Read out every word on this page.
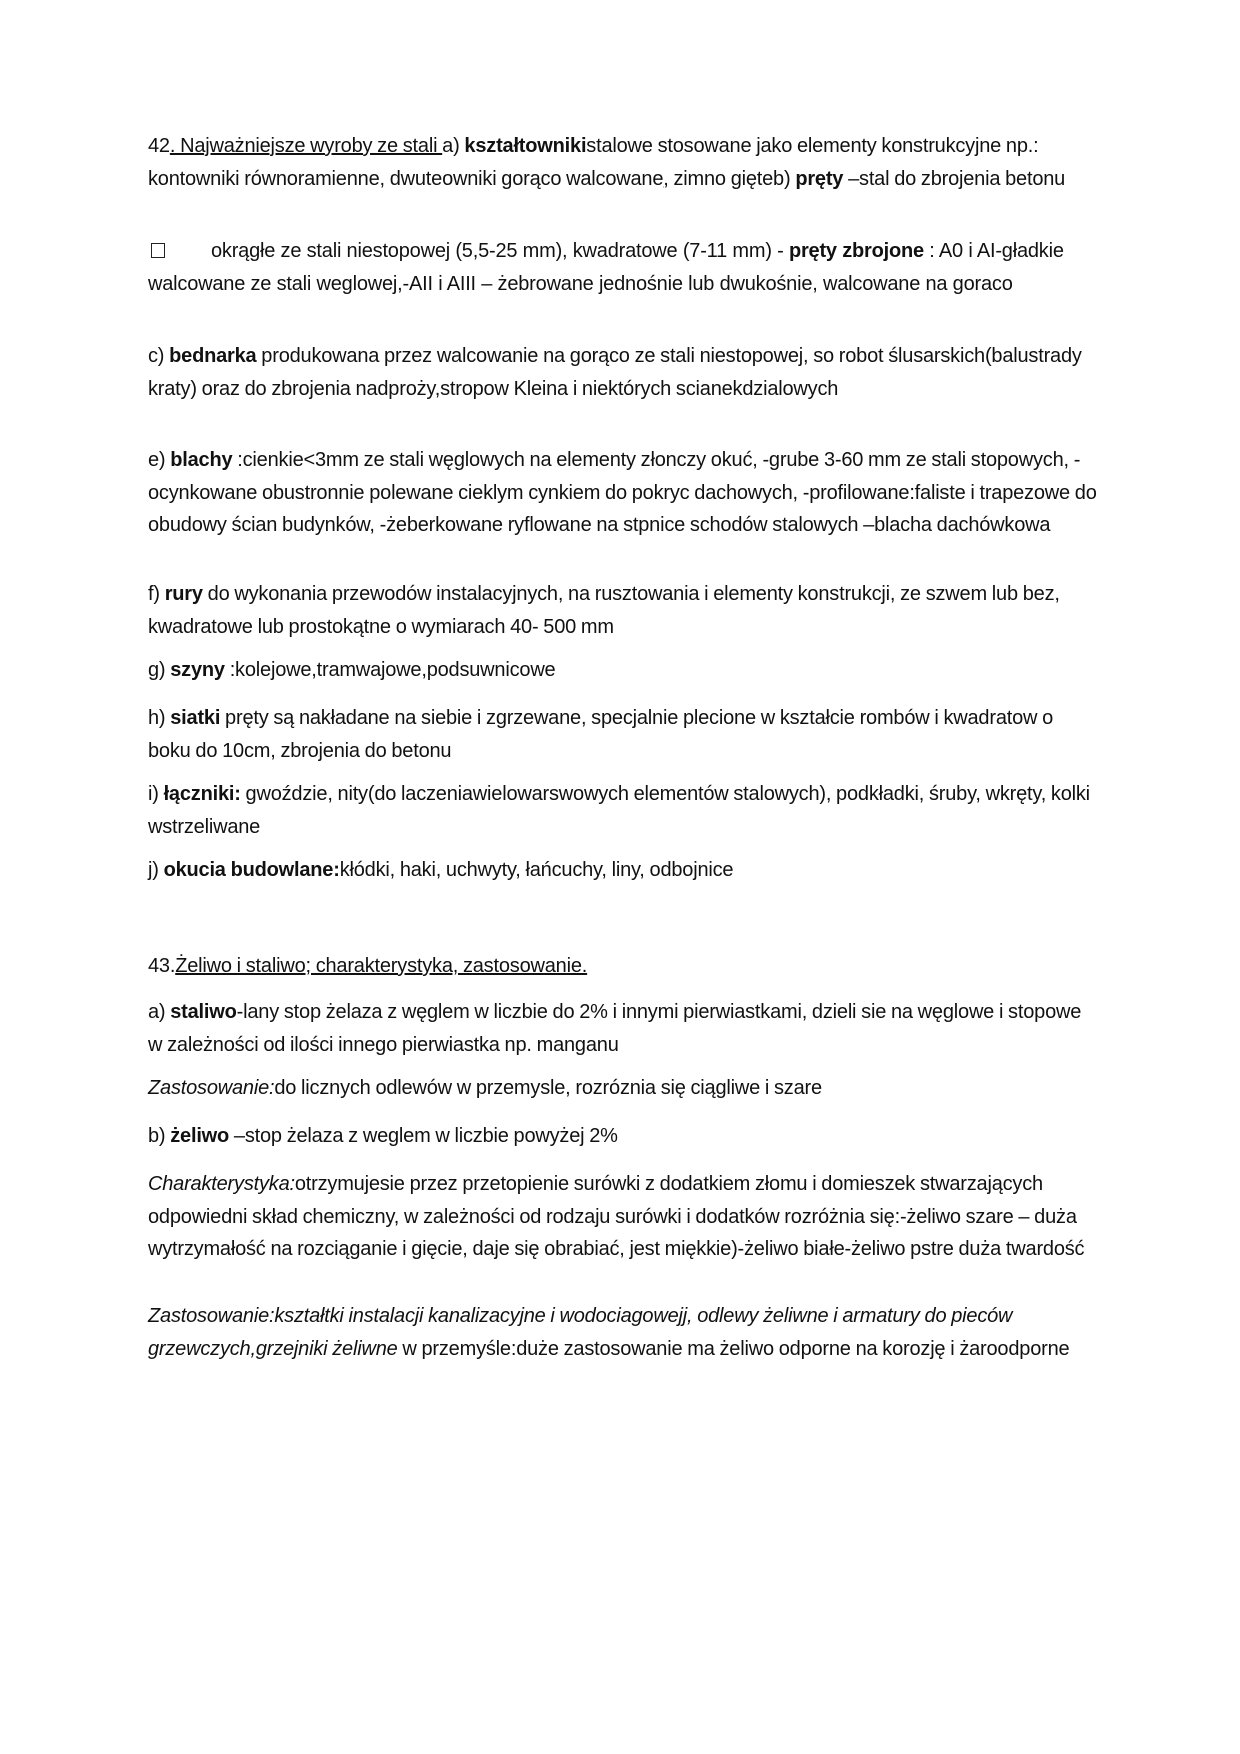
42. Najważniejsze wyroby ze stali a) kształtownikistalowe stosowane jako elementy konstrukcyjne np.: kontowniki równoramienne, dwuteowniki gorąco walcowane, zimno gięteb) pręty –stal do zbrojenia betonu

okrągłe ze stali niestopowej (5,5-25 mm), kwadratowe (7-11 mm) - pręty zbrojone : A0 i AI-gładkie walcowane ze stali weglowej,-AII i AIII – żebrowane jednośnie lub dwukośnie, walcowane na goraco

c) bednarka produkowana przez walcowanie na gorąco ze stali niestopowej, so robot ślusarskich(balustrady kraty) oraz do zbrojenia nadproży,stropow Kleina i niektórych scianekdzialowych

e) blachy :cienkie<3mm ze stali węglowych na elementy złonczy okuć, -grube 3-60 mm ze stali stopowych, - ocynkowane obustronnie polewane cieklym cynkiem do pokryc dachowych, -profilowane:faliste i trapezowe do obudowy ścian budynków, -żeberkowane ryflowane na stpnice schodów stalowych –blacha dachówkowa

f) rury do wykonania przewodów instalacyjnych, na rusztowania i elementy konstrukcji, ze szwem lub bez, kwadratowe lub prostokątne o wymiarach 40- 500 mm

g) szyny :kolejowe,tramwajowe,podsuwnicowe

h) siatki pręty są nakładane na siebie i zgrzewane, specjalnie plecione w kształcie rombów i kwadratow o boku do 10cm, zbrojenia do betonu

i) łączniki: gwoździe, nity(do laczeniawielowarswowych elementów stalowych), podkładki, śruby, wkręty, kolki wstrzeliwane

j) okucia budowlane:kłódki, haki, uchwyty, łańcuchy, liny, odbojnice

43.Żeliwo i staliwo; charakterystyka, zastosowanie.

a) staliwo-lany stop żelaza z węglem w liczbie do 2% i innymi pierwiastkami, dzieli sie na węglowe i stopowe w zależności od ilości innego pierwiastka np. manganu

Zastosowanie:do licznych odlewów w przemysle, rozróznia się ciągliwe i szare

b) żeliwo –stop żelaza z weglem w liczbie powyżej 2%

Charakterystyka:otrzymujesie przez przetopienie surówki z dodatkiem złomu i domieszek stwarzających odpowiedni skład chemiczny, w zależności od rodzaju surówki i dodatków rozróżnia się:-żeliwo szare – duża wytrzymałość na rozciąganie i gięcie, daje się obrabiać, jest miękkie)-żeliwo białe-żeliwo pstre duża twardość

Zastosowanie:kształtki instalacji kanalizacyjne i wodociagowejj, odlewy żeliwne i armatury do pieców grzewczych,grzejniki żeliwne w przemyśle:duże zastosowanie ma żeliwo odporne na korozję i żaroodporne
